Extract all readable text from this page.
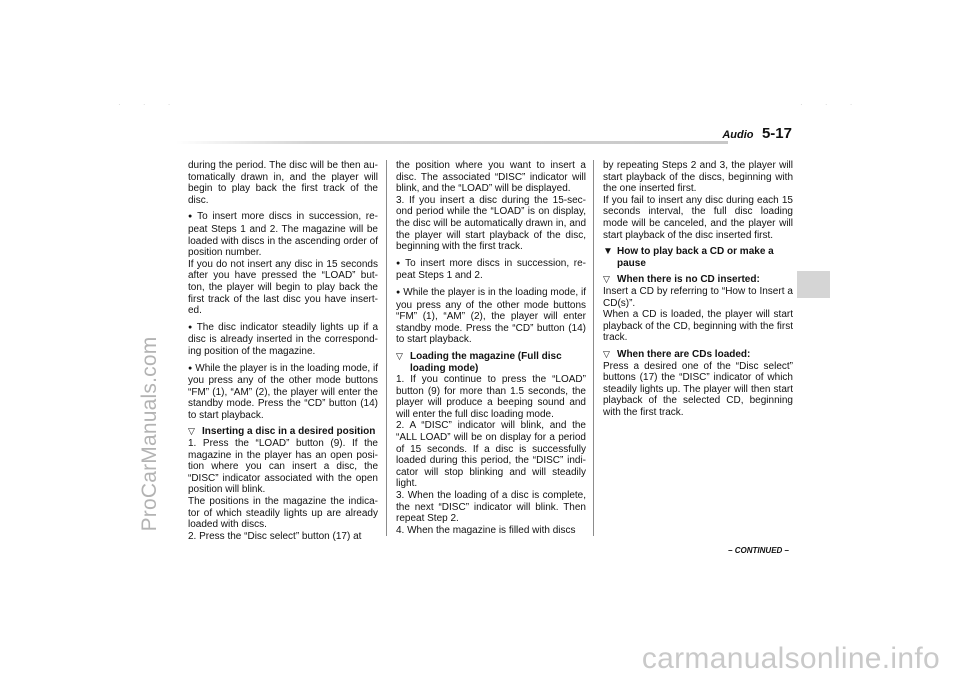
· · ·	· · ·
ProCarManuals.com
Audio 5-17

during the period. The disc will be then au-tomatically drawn in, and the player will begin to play back the first track of the disc.

● To insert more discs in succession, re-peat Steps 1 and 2. The magazine will be loaded with discs in the ascending order of position number.

If you do not insert any disc in 15 seconds after you have pressed the “LOAD” but-ton, the player will begin to play back the first track of the last disc you have insert-ed.

● The disc indicator steadily lights up if a disc is already inserted in the correspond-ing position of the magazine.

● While the player is in the loading mode, if you press any of the other mode buttons “FM” (1), “AM” (2), the player will enter the standby mode. Press the “CD” button (14) to start playback.

▽ Inserting a disc in a desired position

1. Press the “LOAD” button (9). If the magazine in the player has an open posi-tion where you can insert a disc, the “DISC” indicator associated with the open position will blink.

The positions in the magazine the indica-tor of which steadily lights up are already loaded with discs.

2. Press the “Disc select” button (17) at

the position where you want to insert a disc. The associated “DISC” indicator will blink, and the “LOAD” will be displayed.

3. If you insert a disc during the 15-sec-ond period while the “LOAD” is on display, the disc will be automatically drawn in, and the player will start playback of the disc, beginning with the first track.

● To insert more discs in succession, re-peat Steps 1 and 2.

● While the player is in the loading mode, if you press any of the other mode buttons “FM” (1), “AM” (2), the player will enter standby mode. Press the “CD” button (14) to start playback.

▽ Loading the magazine (Full disc loading mode)

1. If you continue to press the “LOAD” button (9) for more than 1.5 seconds, the player will produce a beeping sound and will enter the full disc loading mode.

2. A “DISC” indicator will blink, and the “ALL LOAD” will be on display for a period of 15 seconds. If a disc is successfully loaded during this period, the “DISC” indi-cator will stop blinking and will steadily light.

3. When the loading of a disc is complete, the next “DISC” indicator will blink. Then repeat Step 2.

4. When the magazine is filled with discs

by repeating Steps 2 and 3, the player will start playback of the discs, beginning with the one inserted first.

If you fail to insert any disc during each 15 seconds interval, the full disc loading mode will be canceled, and the player will start playback of the disc inserted first.

▼ How to play back a CD or make a pause

▽ When there is no CD inserted:

Insert a CD by referring to “How to Insert a CD(s)”.

When a CD is loaded, the player will start playback of the CD, beginning with the first track.

▽ When there are CDs loaded:

Press a desired one of the “Disc select” buttons (17) the “DISC” indicator of which steadily lights up. The player will then start playback of the selected CD, beginning with the first track.

– CONTINUED –
carmanualsonline.info
